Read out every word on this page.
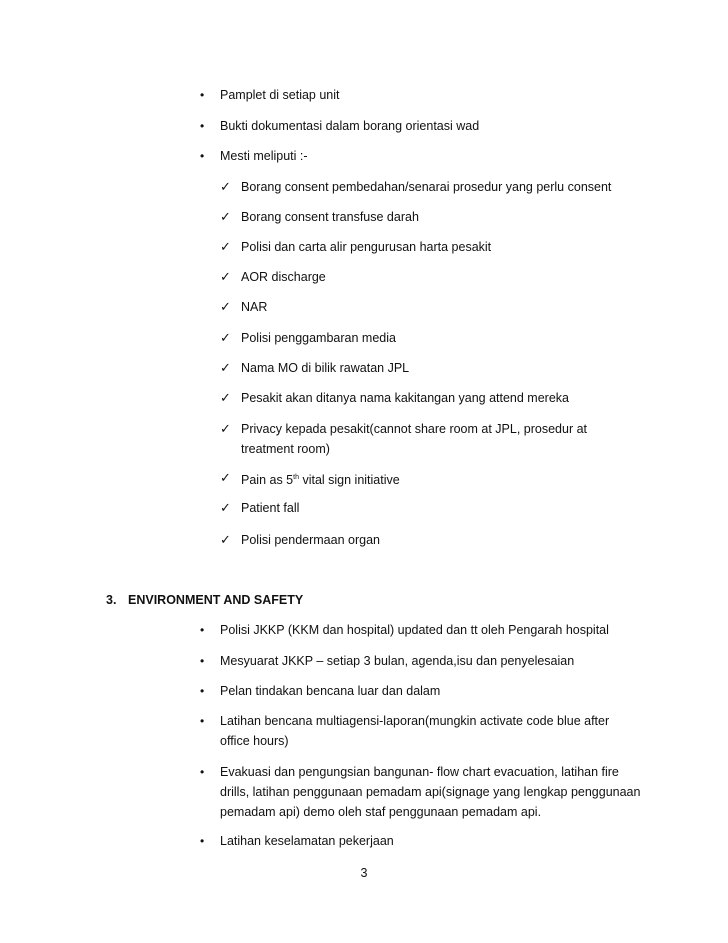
• Pamplet di setiap unit
• Bukti dokumentasi dalam borang orientasi wad
• Mesti meliputi :-
✓ Borang consent pembedahan/senarai prosedur yang perlu consent
✓ Borang consent transfuse darah
✓ Polisi dan carta alir pengurusan harta pesakit
✓ AOR discharge
✓ NAR
✓ Polisi penggambaran media
✓ Nama MO di bilik rawatan JPL
✓ Pesakit akan ditanya nama kakitangan yang attend mereka
✓ Privacy kepada pesakit(cannot share room at JPL, prosedur at treatment room)
✓ Pain as 5th vital sign initiative
✓ Patient fall
✓ Polisi pendermaan organ
3. ENVIRONMENT AND SAFETY
• Polisi JKKP (KKM dan hospital) updated dan tt oleh Pengarah hospital
• Mesyuarat JKKP – setiap 3 bulan, agenda,isu dan penyelesaian
• Pelan tindakan bencana luar dan dalam
• Latihan bencana multiagensi-laporan(mungkin activate code blue after office hours)
• Evakuasi dan pengungsian bangunan- flow chart evacuation, latihan fire drills, latihan penggunaan pemadam api(signage yang lengkap penggunaan pemadam api) demo oleh staf penggunaan pemadam api.
• Latihan keselamatan pekerjaan
3
